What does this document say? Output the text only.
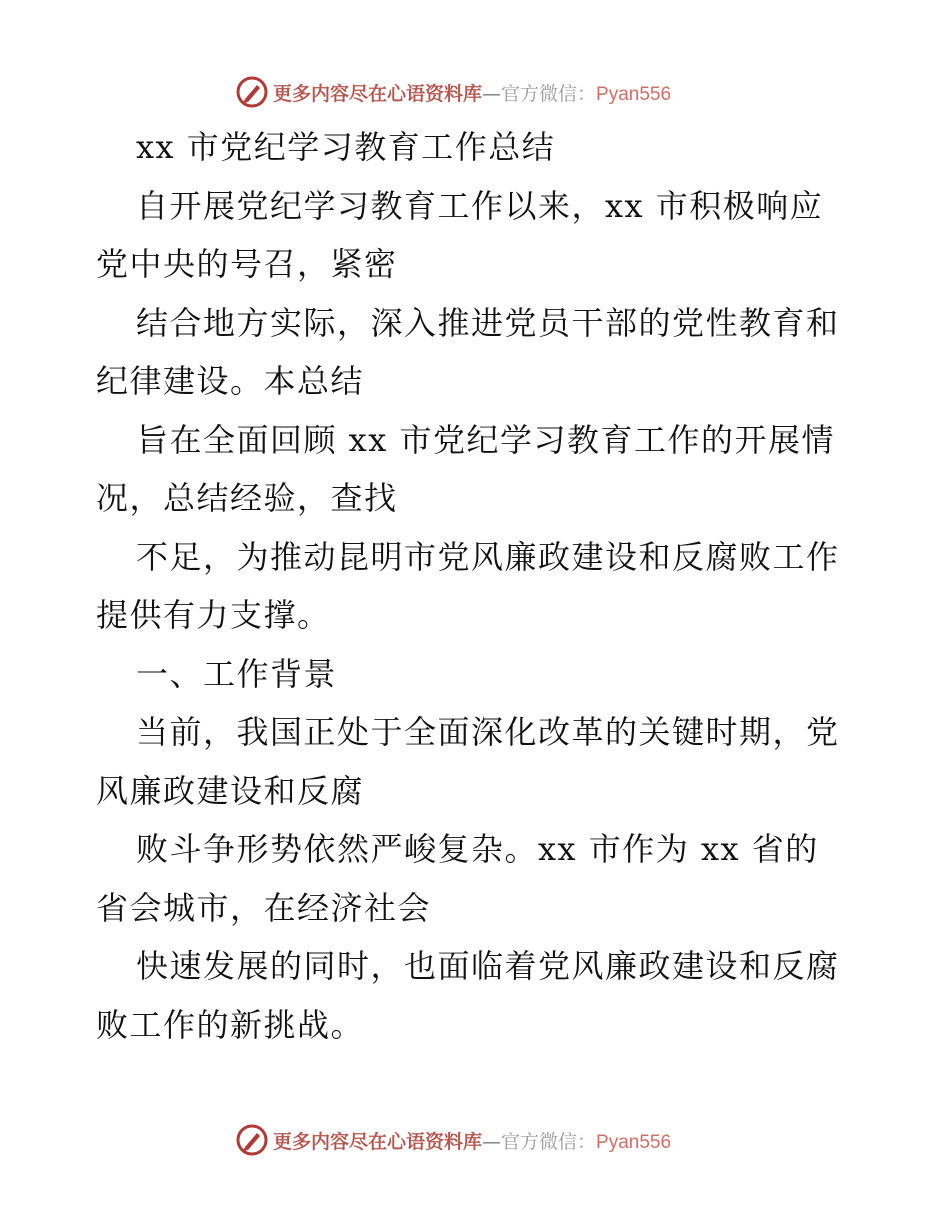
更多内容尽在心语资料库—官方微信：Pyan556
xx 市党纪学习教育工作总结
自开展党纪学习教育工作以来，xx 市积极响应
党中央的号召，紧密
结合地方实际，深入推进党员干部的党性教育和
纪律建设。本总结
旨在全面回顾 xx 市党纪学习教育工作的开展情
况，总结经验，查找
不足，为推动昆明市党风廉政建设和反腐败工作
提供有力支撑。
一、工作背景
当前，我国正处于全面深化改革的关键时期，党
风廉政建设和反腐
败斗争形势依然严峻复杂。xx 市作为 xx 省的
省会城市，在经济社会
快速发展的同时，也面临着党风廉政建设和反腐
败工作的新挑战。
更多内容尽在心语资料库—官方微信：Pyan556
